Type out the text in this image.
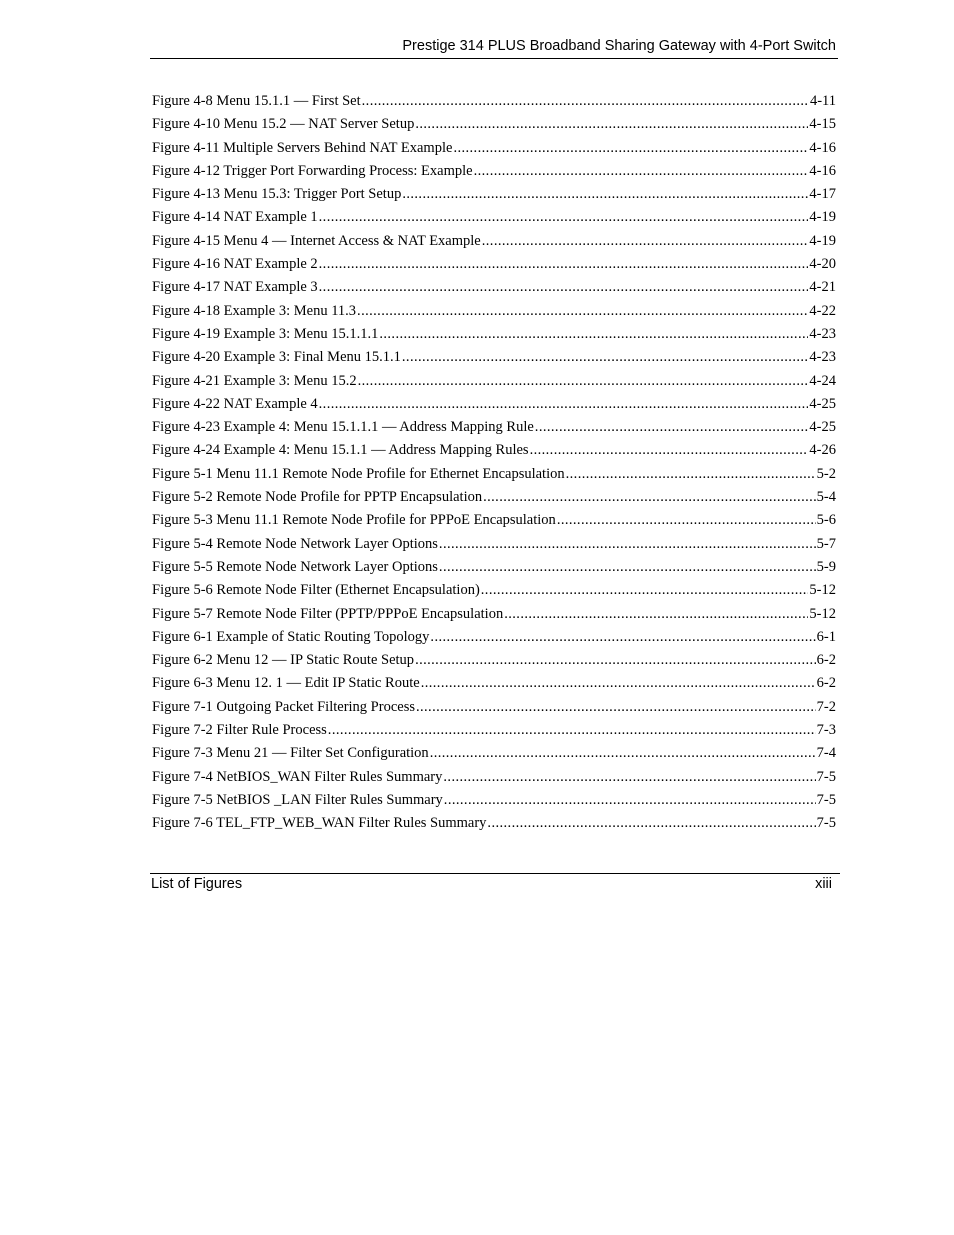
Prestige 314 PLUS Broadband Sharing Gateway with 4-Port Switch
Figure 4-8 Menu 15.1.1 — First Set .....	4-11
Figure 4-10 Menu 15.2 — NAT Server Setup .....	4-15
Figure 4-11 Multiple Servers Behind NAT Example .....	4-16
Figure 4-12 Trigger Port Forwarding Process: Example .....	4-16
Figure 4-13 Menu 15.3: Trigger Port Setup .....	4-17
Figure 4-14 NAT Example 1 .....	4-19
Figure 4-15 Menu 4 — Internet Access & NAT Example .....	4-19
Figure 4-16 NAT Example 2 .....	4-20
Figure 4-17 NAT Example 3 .....	4-21
Figure 4-18 Example 3: Menu 11.3 .....	4-22
Figure 4-19 Example 3: Menu 15.1.1.1 .....	4-23
Figure 4-20 Example 3: Final Menu 15.1.1 .....	4-23
Figure 4-21 Example 3: Menu 15.2 .....	4-24
Figure 4-22 NAT Example 4 .....	4-25
Figure 4-23 Example 4: Menu 15.1.1.1 — Address Mapping Rule .....	4-25
Figure 4-24 Example 4: Menu 15.1.1 — Address Mapping Rules .....	4-26
Figure 5-1 Menu 11.1 Remote Node Profile for Ethernet Encapsulation .....	5-2
Figure 5-2 Remote Node Profile for PPTP Encapsulation .....	5-4
Figure 5-3 Menu 11.1 Remote Node Profile for PPPoE Encapsulation .....	5-6
Figure 5-4 Remote Node Network Layer Options .....	5-7
Figure 5-5 Remote Node Network Layer Options .....	5-9
Figure 5-6 Remote Node Filter (Ethernet Encapsulation) .....	5-12
Figure 5-7 Remote Node Filter (PPTP/PPPoE Encapsulation .....	5-12
Figure 6-1 Example of Static Routing Topology .....	6-1
Figure 6-2 Menu 12 — IP Static Route Setup .....	6-2
Figure 6-3 Menu 12. 1 — Edit IP Static Route .....	6-2
Figure 7-1 Outgoing Packet Filtering Process .....	7-2
Figure 7-2 Filter Rule Process .....	7-3
Figure 7-3 Menu 21 — Filter Set Configuration .....	7-4
Figure 7-4 NetBIOS_WAN Filter Rules Summary .....	7-5
Figure 7-5 NetBIOS _LAN Filter Rules Summary .....	7-5
Figure 7-6 TEL_FTP_WEB_WAN Filter Rules Summary .....	7-5
List of Figures	xiii
